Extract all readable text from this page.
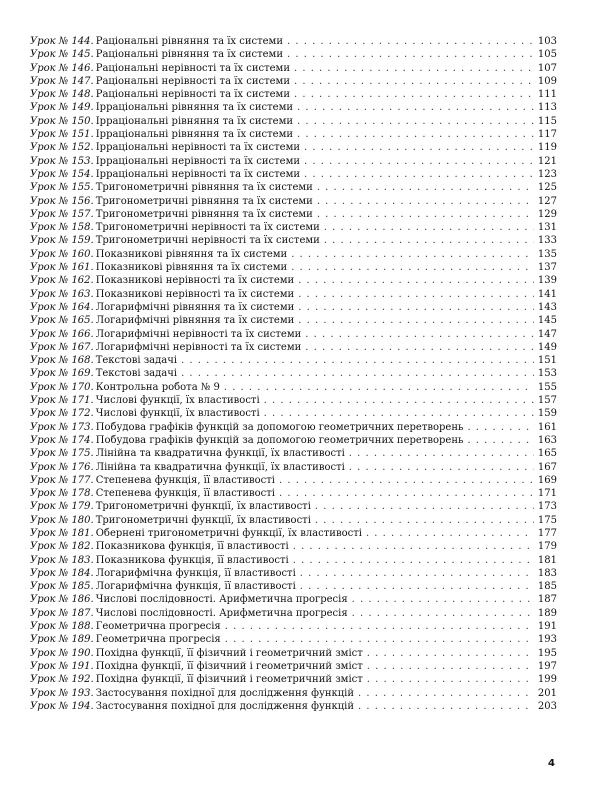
Урок № 144. Раціональні рівняння та їх системи . . .	103
Урок № 145. Раціональні рівняння та їх системи . . .	105
Урок № 146. Раціональні нерівності та їх системи . . .	107
Урок № 147. Раціональні нерівності та їх системи . . .	109
Урок № 148. Раціональні нерівності та їх системи . . .	111
Урок № 149. Ірраціональні рівняння та їх системи . . .	113
Урок № 150. Ірраціональні рівняння та їх системи . . .	115
Урок № 151. Ірраціональні рівняння та їх системи . . .	117
Урок № 152. Ірраціональні нерівності та їх системи . . .	119
Урок № 153. Ірраціональні нерівності та їх системи . . .	121
Урок № 154. Ірраціональні нерівності та їх системи . . .	123
Урок № 155. Тригонометричні рівняння та їх системи . . .	125
Урок № 156. Тригонометричні рівняння та їх системи . . .	127
Урок № 157. Тригонометричні рівняння та їх системи . . .	129
Урок № 158. Тригонометричні нерівності та їх системи . . .	131
Урок № 159. Тригонометричні нерівності та їх системи . . .	133
Урок № 160. Показникові рівняння та їх системи . . .	135
Урок № 161. Показникові рівняння та їх системи . . .	137
Урок № 162. Показникові нерівності та їх системи . . .	139
Урок № 163. Показникові нерівності та їх системи . . .	141
Урок № 164. Логарифмічні рівняння та їх системи . . .	143
Урок № 165. Логарифмічні рівняння та їх системи . . .	145
Урок № 166. Логарифмічні нерівності та їх системи . . .	147
Урок № 167. Логарифмічні нерівності та їх системи . . .	149
Урок № 168. Текстові задачі . . .	151
Урок № 169. Текстові задачі . . .	153
Урок № 170. Контрольна робота № 9 . . .	155
Урок № 171. Числові функції, їх властивості . . .	157
Урок № 172. Числові функції, їх властивості . . .	159
Урок № 173. Побудова графіків функцій за допомогою геометричних перетворень . . .	161
Урок № 174. Побудова графіків функцій за допомогою геометричних перетворень . . .	163
Урок № 175. Лінійна та квадратична функції, їх властивості . . .	165
Урок № 176. Лінійна та квадратична функції, їх властивості . . .	167
Урок № 177. Степенева функція, її властивості . . .	169
Урок № 178. Степенева функція, її властивості . . .	171
Урок № 179. Тригонометричні функції, їх властивості . . .	173
Урок № 180. Тригонометричні функції, їх властивості . . .	175
Урок № 181. Обернені тригонометричні функції, їх властивості . . .	177
Урок № 182. Показникова функція, її властивості . . .	179
Урок № 183. Показникова функція, її властивості . . .	181
Урок № 184. Логарифмічна функція, її властивості . . .	183
Урок № 185. Логарифмічна функція, її властивості . . .	185
Урок № 186. Числові послідовності. Арифметична прогресія . . .	187
Урок № 187. Числові послідовності. Арифметична прогресія . . .	189
Урок № 188. Геометрична прогресія . . .	191
Урок № 189. Геометрична прогресія . . .	193
Урок № 190. Похідна функції, її фізичний і геометричний зміст . . .	195
Урок № 191. Похідна функції, її фізичний і геометричний зміст . . .	197
Урок № 192. Похідна функції, її фізичний і геометричний зміст . . .	199
Урок № 193. Застосування похідної для дослідження функцій . . .	201
Урок № 194. Застосування похідної для дослідження функцій . . .	203
4
